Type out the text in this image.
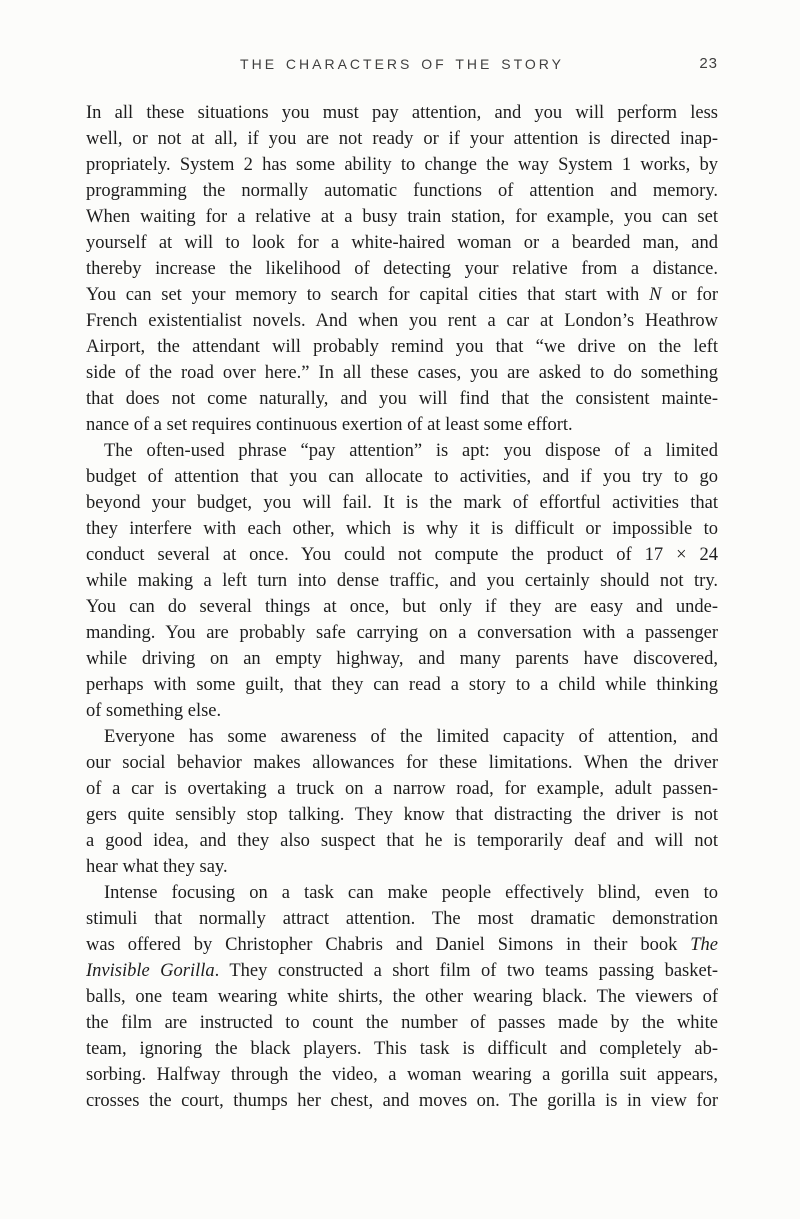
THE CHARACTERS OF THE STORY	23

In all these situations you must pay attention, and you will perform less
well, or not at all, if you are not ready or if your attention is directed inap-
propriately. System 2 has some ability to change the way System 1 works, by
programming the normally automatic functions of attention and memory.
When waiting for a relative at a busy train station, for example, you can set
yourself at will to look for a white-haired woman or a bearded man, and
thereby increase the likelihood of detecting your relative from a distance.
You can set your memory to search for capital cities that start with N or for
French existentialist novels. And when you rent a car at London’s Heathrow
Airport, the attendant will probably remind you that “we drive on the left
side of the road over here.” In all these cases, you are asked to do something
that does not come naturally, and you will find that the consistent mainte-
nance of a set requires continuous exertion of at least some effort.

The often-used phrase “pay attention” is apt: you dispose of a limited
budget of attention that you can allocate to activities, and if you try to go
beyond your budget, you will fail. It is the mark of effortful activities that
they interfere with each other, which is why it is difficult or impossible to
conduct several at once. You could not compute the product of 17 × 24
while making a left turn into dense traffic, and you certainly should not try.
You can do several things at once, but only if they are easy and unde-
manding. You are probably safe carrying on a conversation with a passenger
while driving on an empty highway, and many parents have discovered,
perhaps with some guilt, that they can read a story to a child while thinking
of something else.

Everyone has some awareness of the limited capacity of attention, and
our social behavior makes allowances for these limitations. When the driver
of a car is overtaking a truck on a narrow road, for example, adult passen-
gers quite sensibly stop talking. They know that distracting the driver is not
a good idea, and they also suspect that he is temporarily deaf and will not
hear what they say.

Intense focusing on a task can make people effectively blind, even to
stimuli that normally attract attention. The most dramatic demonstration
was offered by Christopher Chabris and Daniel Simons in their book The
Invisible Gorilla. They constructed a short film of two teams passing basket-
balls, one team wearing white shirts, the other wearing black. The viewers of
the film are instructed to count the number of passes made by the white
team, ignoring the black players. This task is difficult and completely ab-
sorbing. Halfway through the video, a woman wearing a gorilla suit appears,
crosses the court, thumps her chest, and moves on. The gorilla is in view for
